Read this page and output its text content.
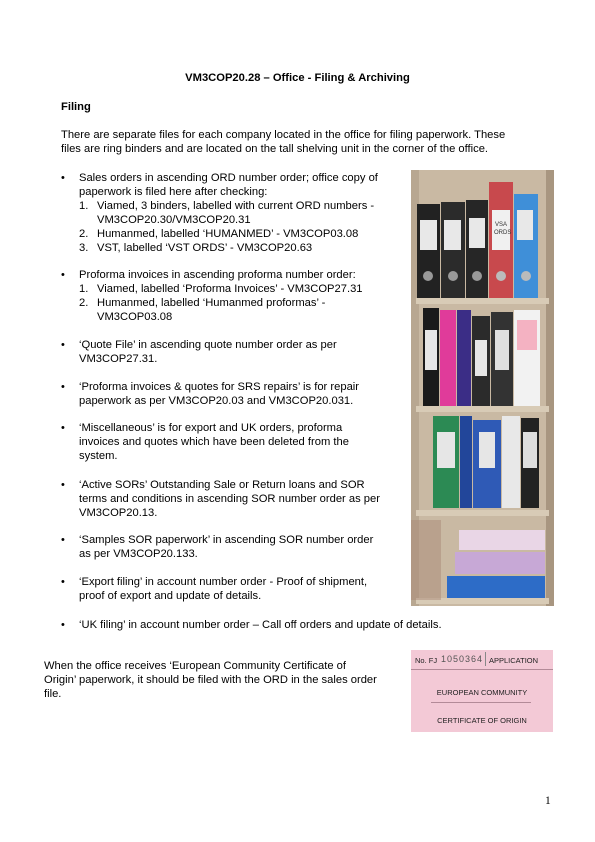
VM3COP20.28 – Office - Filing & Archiving
Filing
There are separate files for each company located in the office for filing paperwork. These
files are ring binders and are located on the tall shelving unit in the corner of the office.
• Sales orders in ascending ORD number order; office copy of
paperwork is filed here after checking:
1. Viamed, 3 binders, labelled with current ORD numbers -
VM3COP20.30/VM3COP20.31
2. Humanmed, labelled ‘HUMANMED’ - VM3COP03.08
3. VST, labelled ‘VST ORDS’ - VM3COP20.63
• Proforma invoices in ascending proforma number order:
1. Viamed, labelled ‘Proforma Invoices’ - VM3COP27.31
2. Humanmed, labelled ‘Humanmed proformas’ -
VM3COP03.08
• ‘Quote File’ in ascending quote number order as per
VM3COP27.31.
• ‘Proforma invoices & quotes for SRS repairs’ is for repair
paperwork as per VM3COP20.03 and VM3COP20.031.
• ‘Miscellaneous’ is for export and UK orders, proforma
invoices and quotes which have been deleted from the
system.
• ‘Active SORs’ Outstanding Sale or Return loans and SOR
terms and conditions in ascending SOR number order as per
VM3COP20.13.
• ‘Samples SOR paperwork’ in ascending SOR number order
as per VM3COP20.133.
• ‘Export filing’ in account number order - Proof of shipment,
proof of export and update of details.
• ‘UK filing’ in account number order – Call off orders and update of details.
When the office receives ‘European Community Certificate of
Origin’ paperwork, it should be filed with the ORD in the sales order
file.
VSA
ORDS
No. FJ 1050364 APPLICATION
EUROPEAN COMMUNITY
CERTIFICATE OF ORIGIN
1
